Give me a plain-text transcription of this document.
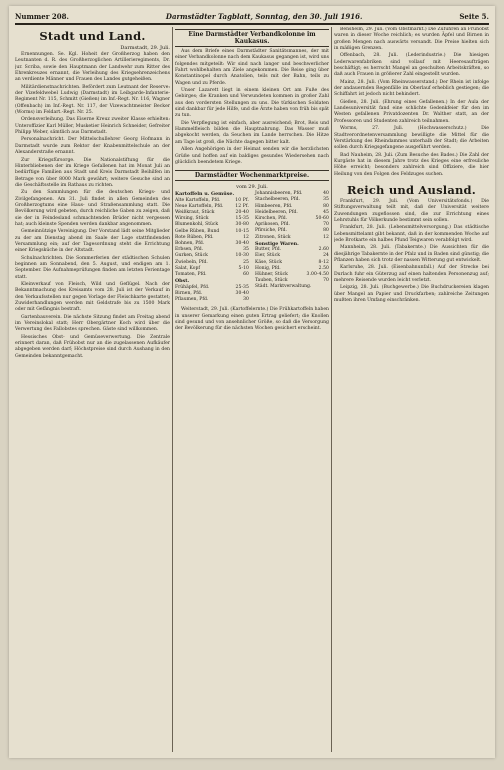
Nummer 208.	Darmstädter Tagblatt, Sonntag, den 30. Juli 1916.	Seite 5.
Stadt und Land.
Darmstadt, 29. Juli.
Ernennungen. Se. Kgl. Hoheit der Großherzog haben den Leutnanten d. R. des Großherzoglichen Artillerieregiments, Dr. jur. Scriba, sowie den Hauptmann der Landwehr zum Ritter des Ehrenkreuzes ernannt, die Verleihung des Kriegsehrenzeichens an verdiente Männer und Frauen des Landes gutgeheißen.
Militärdienstnachrichten. Befördert zum Leutnant der Reserve: der Vizefeldwebel Ludwig (Darmstadt) im Leibgarde-Infanterie-Regiment Nr. 115, Schmitt (Gießen) im Inf.-Regt. Nr. 116, Wagner (Offenbach) im Inf.-Regt. Nr. 117, der Vizewachtmeister Becker (Worms) im Feldart.-Regt. Nr. 25.
Ordensverleihung. Das Eiserne Kreuz zweiter Klasse erhielten: Unteroffizier Karl Müller, Musketier Heinrich Schneider, Gefreiter Philipp Weber, sämtlich aus Darmstadt.
Personalnachricht. Der Mittelschullehrer Georg Hofmann in Darmstadt wurde zum Rektor der Knabenmittelschule an der Alexanderstraße ernannt.
Zur Kriegsfürsorge. Die Nationalstiftung für die Hinterbliebenen der im Kriege Gefallenen hat im Monat Juli an bedürftige Familien aus Stadt und Kreis Darmstadt Beihilfen im Betrage von über 8000 Mark gewährt; weitere Gesuche sind an die Geschäftsstelle im Rathaus zu richten.
Zu den Sammlungen für die deutschen Kriegs- und Zivilgefangenen. Am 31. Juli findet in allen Gemeinden des Großherzogtums eine Haus- und Straßensammlung statt. Die Bevölkerung wird gebeten, durch reichliche Gaben zu zeigen, daß sie der in Feindesland schmachtenden Brüder nicht vergessen hat; auch kleinste Spenden werden dankbar angenommen.
Gemeinnützige Vereinigung. Der Vorstand lädt seine Mitglieder zu der am Dienstag abend im Saale der Loge stattfindenden Versammlung ein; auf der Tagesordnung steht die Errichtung einer Kriegsküche in der Altstadt.
Schulnachrichten. Die Sommerferien der städtischen Schulen beginnen am Sonnabend, den 5. August, und endigen am 1. September. Die Aufnahmeprüfungen finden am letzten Ferientage statt.
Kleinverkauf von Fleisch, Wild und Geflügel. Nach der Bekanntmachung des Kreisamts vom 28. Juli ist der Verkauf in den Verkaufsstellen nur gegen Vorlage der Fleischkarte gestattet; Zuwiderhandlungen werden mit Geldstrafe bis zu 1500 Mark oder mit Gefängnis bestraft.
Gartenbauverein. Die nächste Sitzung findet am Freitag abend im Vereinslokal statt; Herr Obergärtner Koch wird über die Verwertung des Fallobstes sprechen. Gäste sind willkommen.
Hessisches Obst- und Gemüseverwertung. Die Zentrale erinnert daran, daß Frühobst nur an die zugelassenen Aufkäufer abgegeben werden darf; Höchstpreise sind durch Aushang in den Gemeinden bekanntgemacht.
Eine Darmstädter Verbandkolonne im Kaukasus.
Aus dem Briefe eines Darmstädter Sanitätsmannes, der mit einer Verbandkolonne nach dem Kaukasus gegangen ist, wird uns folgendes mitgeteilt: Wir sind nach langer und beschwerlicher Fahrt wohlbehalten am Ziele angekommen. Die Reise ging über Konstantinopel durch Anatolien, teils mit der Bahn, teils zu Wagen und zu Pferde.
Unser Lazarett liegt in einem kleinen Ort am Fuße des Gebirges; die Kranken und Verwundeten kommen in großer Zahl aus den vordersten Stellungen zu uns. Die türkischen Soldaten sind dankbar für jede Hilfe, und die Ärzte haben von früh bis spät zu tun.
Die Verpflegung ist einfach, aber ausreichend; Brot, Reis und Hammelfleisch bilden die Hauptnahrung. Das Wasser muß abgekocht werden, da Seuchen im Lande herrschen. Die Hitze am Tage ist groß, die Nächte dagegen bitter kalt.
Allen Angehörigen in der Heimat senden wir die herzlichsten Grüße und hoffen auf ein baldiges gesundes Wiedersehen nach glücklich beendetem Kriege.
Darmstädter Wochenmarktpreise.
vom 29. Juli.
Kartoffeln u. Gemüse.
Alte Kartoffeln, Pfd.	10 Pf.
Neue Kartoffeln, Pfd.	12 Pf.
Weißkraut, Stück	20-40
Wirsing, Stück	15-35
Blumenkohl, Stück	30-80
Gelbe Rüben, Bund	10-15
Rote Rüben, Pfd.	12
Bohnen, Pfd.	30-40
Erbsen, Pfd.	35
Gurken, Stück	10-30
Zwiebeln, Pfd.	25
Salat, Kopf	5-10
Tomaten, Pfd.	60
Obst.
Frühäpfel, Pfd.	25-35
Birnen, Pfd.	30-40
Pflaumen, Pfd.	30
Johannisbeeren, Pfd.	40
Stachelbeeren, Pfd.	35
Himbeeren, Pfd.	80
Heidelbeeren, Pfd.	45
Kirschen, Pfd.	50-60
Aprikosen, Pfd.	70
Pfirsiche, Pfd.	80
Zitronen, Stück	12
Sonstige Waren.
Butter, Pfd.	2.60
Eier, Stück	24
Käse, Stück	8-12
Honig, Pfd.	2.50
Hühner, Stück	3.00-4.50
Tauben, Stück	70
Städt. Marktverwaltung.
Weiterstadt, 29. Juli. (Kartoffelernte.) Die Frühkartoffeln haben in unserer Gemarkung einen guten Ertrag geliefert; die Knollen sind gesund und von ansehnlicher Größe, so daß die Versorgung der Bevölkerung für die nächsten Wochen gesichert erscheint.
Bensheim, 29. Juli. (Vom Obstmarkt.) Die Zufuhren an Frühobst waren in dieser Woche reichlich; es wurden Äpfel und Birnen in großen Mengen nach auswärts versandt. Die Preise hielten sich in mäßigen Grenzen.
Offenbach, 28. Juli. (Lederindustrie.) Die hiesigen Lederwarenfabriken sind vollauf mit Heeresaufträgen beschäftigt; es herrscht Mangel an geschulten Arbeitskräften, so daß auch Frauen in größerer Zahl eingestellt wurden.
Mainz, 28. Juli. (Vom Rheinwasserstand.) Der Rhein ist infolge der andauernden Regenfälle im Oberlauf erheblich gestiegen; die Schiffahrt ist jedoch nicht behindert.
Gießen, 28. Juli. (Ehrung eines Gefallenen.) In der Aula der Landesuniversität fand eine schlichte Gedenkfeier für den im Westen gefallenen Privatdozenten Dr. Walther statt, an der Professoren und Studenten zahlreich teilnahmen.
Worms, 27. Juli. (Hochwasserschutz.) Die Stadtverordnetenversammlung bewilligte die Mittel für die Verstärkung des Rheindammes unterhalb der Stadt; die Arbeiten sollen durch Kriegsgefangene ausgeführt werden.
Bad Nauheim, 28. Juli. (Zum Besuche des Bades.) Die Zahl der Kurgäste hat in diesem Jahre trotz des Krieges eine erfreuliche Höhe erreicht; besonders zahlreich sind Offiziere, die hier Heilung von den Folgen des Feldzuges suchen.
Reich und Ausland.
Frankfurt, 29. Juli. (Vom Universitätsfonds.) Die Stiftungsverwaltung teilt mit, daß der Universität weitere Zuwendungen zugeflossen sind, die zur Errichtung eines Lehrstuhls für Völkerkunde bestimmt sein sollen.
Frankfurt, 28. Juli. (Lebensmittelversorgung.) Das städtische Lebensmittelamt gibt bekannt, daß in der kommenden Woche auf jede Brotkarte ein halbes Pfund Teigwaren verabfolgt wird.
Mannheim, 28. Juli. (Tabakernte.) Die Aussichten für die diesjährige Tabakernte in der Pfalz und in Baden sind günstig; die Pflanzen haben sich trotz der nassen Witterung gut entwickelt.
Karlsruhe, 28. Juli. (Eisenbahnunfall.) Auf der Strecke bei Durlach fuhr ein Güterzug auf einen haltenden Personenzug auf; mehrere Reisende wurden leicht verletzt.
Leipzig, 28. Juli. (Buchgewerbe.) Die Buchdruckereien klagen über Mangel an Papier und Druckfarben; zahlreiche Zeitungen mußten ihren Umfang einschränken.
